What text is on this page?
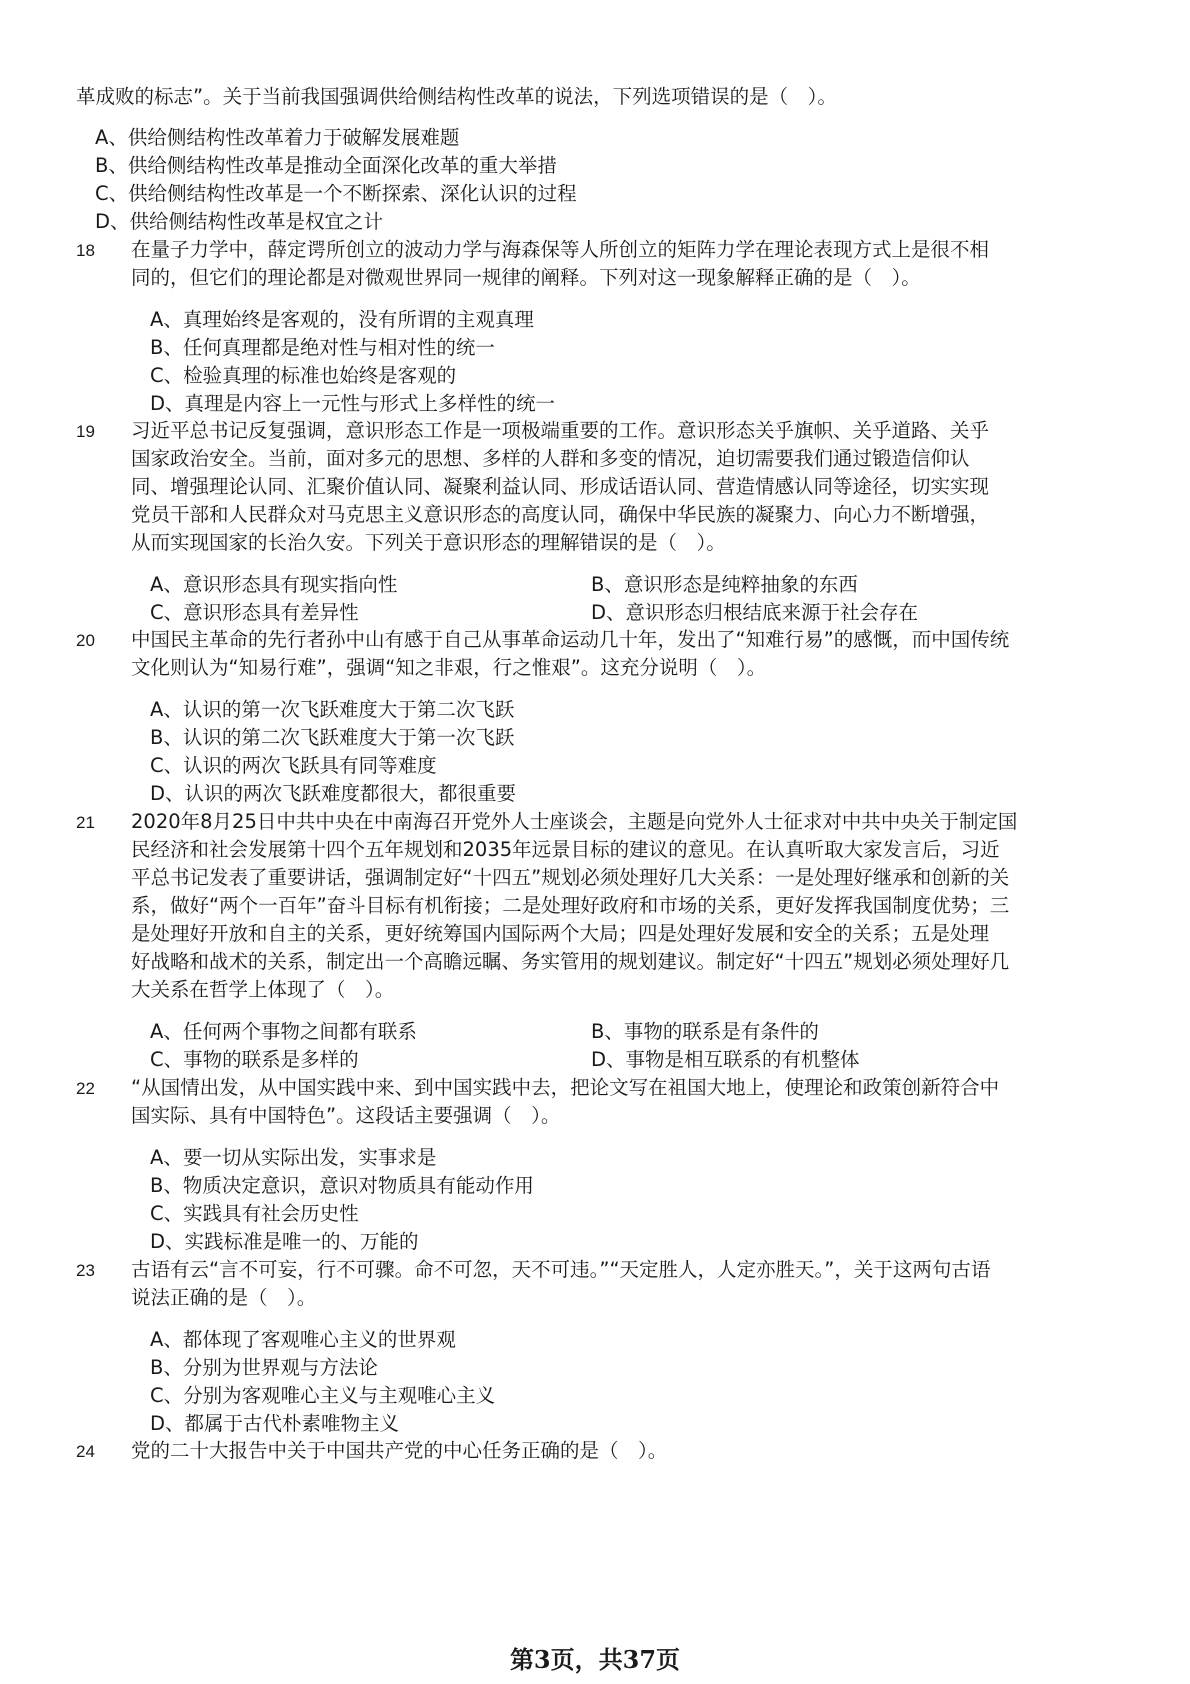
革成败的标志”。关于当前我国强调供给侧结构性改革的说法，下列选项错误的是（　）。
A、供给侧结构性改革着力于破解发展难题
B、供给侧结构性改革是推动全面深化改革的重大举措
C、供给侧结构性改革是一个不断探索、深化认识的过程
D、供给侧结构性改革是权宜之计
18 在量子力学中，薛定谔所创立的波动力学与海森保等人所创立的矩阵力学在理论表现方式上是很不相
同的，但它们的理论都是对微观世界同一规律的阐释。下列对这一现象解释正确的是（　）。
A、真理始终是客观的，没有所谓的主观真理
B、任何真理都是绝对性与相对性的统一
C、检验真理的标准也始终是客观的
D、真理是内容上一元性与形式上多样性的统一
19 习近平总书记反复强调，意识形态工作是一项极端重要的工作。意识形态关乎旗帜、关乎道路、关乎
国家政治安全。当前，面对多元的思想、多样的人群和多变的情况，迫切需要我们通过锻造信仰认
同、增强理论认同、汇聚价值认同、凝聚利益认同、形成话语认同、营造情感认同等途径，切实实现
党员干部和人民群众对马克思主义意识形态的高度认同，确保中华民族的凝聚力、向心力不断增强，
从而实现国家的长治久安。下列关于意识形态的理解错误的是（　）。
A、意识形态具有现实指向性	B、意识形态是纯粹抽象的东西
C、意识形态具有差异性	D、意识形态归根结底来源于社会存在
20 中国民主革命的先行者孙中山有感于自己从事革命运动几十年，发出了“知难行易”的感慨，而中国传统
文化则认为“知易行难”，强调“知之非艰，行之惟艰”。这充分说明（　）。
A、认识的第一次飞跃难度大于第二次飞跃
B、认识的第二次飞跃难度大于第一次飞跃
C、认识的两次飞跃具有同等难度
D、认识的两次飞跃难度都很大，都很重要
21 2020年8月25日中共中央在中南海召开党外人士座谈会，主题是向党外人士征求对中共中央关于制定国
民经济和社会发展第十四个五年规划和2035年远景目标的建议的意见。在认真听取大家发言后，习近
平总书记发表了重要讲话，强调制定好“十四五”规划必须处理好几大关系：一是处理好继承和创新的关
系，做好“两个一百年”奋斗目标有机衔接；二是处理好政府和市场的关系，更好发挥我国制度优势；三
是处理好开放和自主的关系，更好统筹国内国际两个大局；四是处理好发展和安全的关系；五是处理
好战略和战术的关系，制定出一个高瞻远瞩、务实管用的规划建议。制定好“十四五”规划必须处理好几
大关系在哲学上体现了（　）。
A、任何两个事物之间都有联系	B、事物的联系是有条件的
C、事物的联系是多样的	D、事物是相互联系的有机整体
22 “从国情出发，从中国实践中来、到中国实践中去，把论文写在祖国大地上，使理论和政策创新符合中
国实际、具有中国特色”。这段话主要强调（　）。
A、要一切从实际出发，实事求是
B、物质决定意识，意识对物质具有能动作用
C、实践具有社会历史性
D、实践标准是唯一的、万能的
23 古语有云“言不可妄，行不可骤。命不可忽，天不可违。”“天定胜人，人定亦胜天。”，关于这两句古语
说法正确的是（　）。
A、都体现了客观唯心主义的世界观
B、分别为世界观与方法论
C、分别为客观唯心主义与主观唯心主义
D、都属于古代朴素唯物主义
24 党的二十大报告中关于中国共产党的中心任务正确的是（　）。
第3页，共37页
